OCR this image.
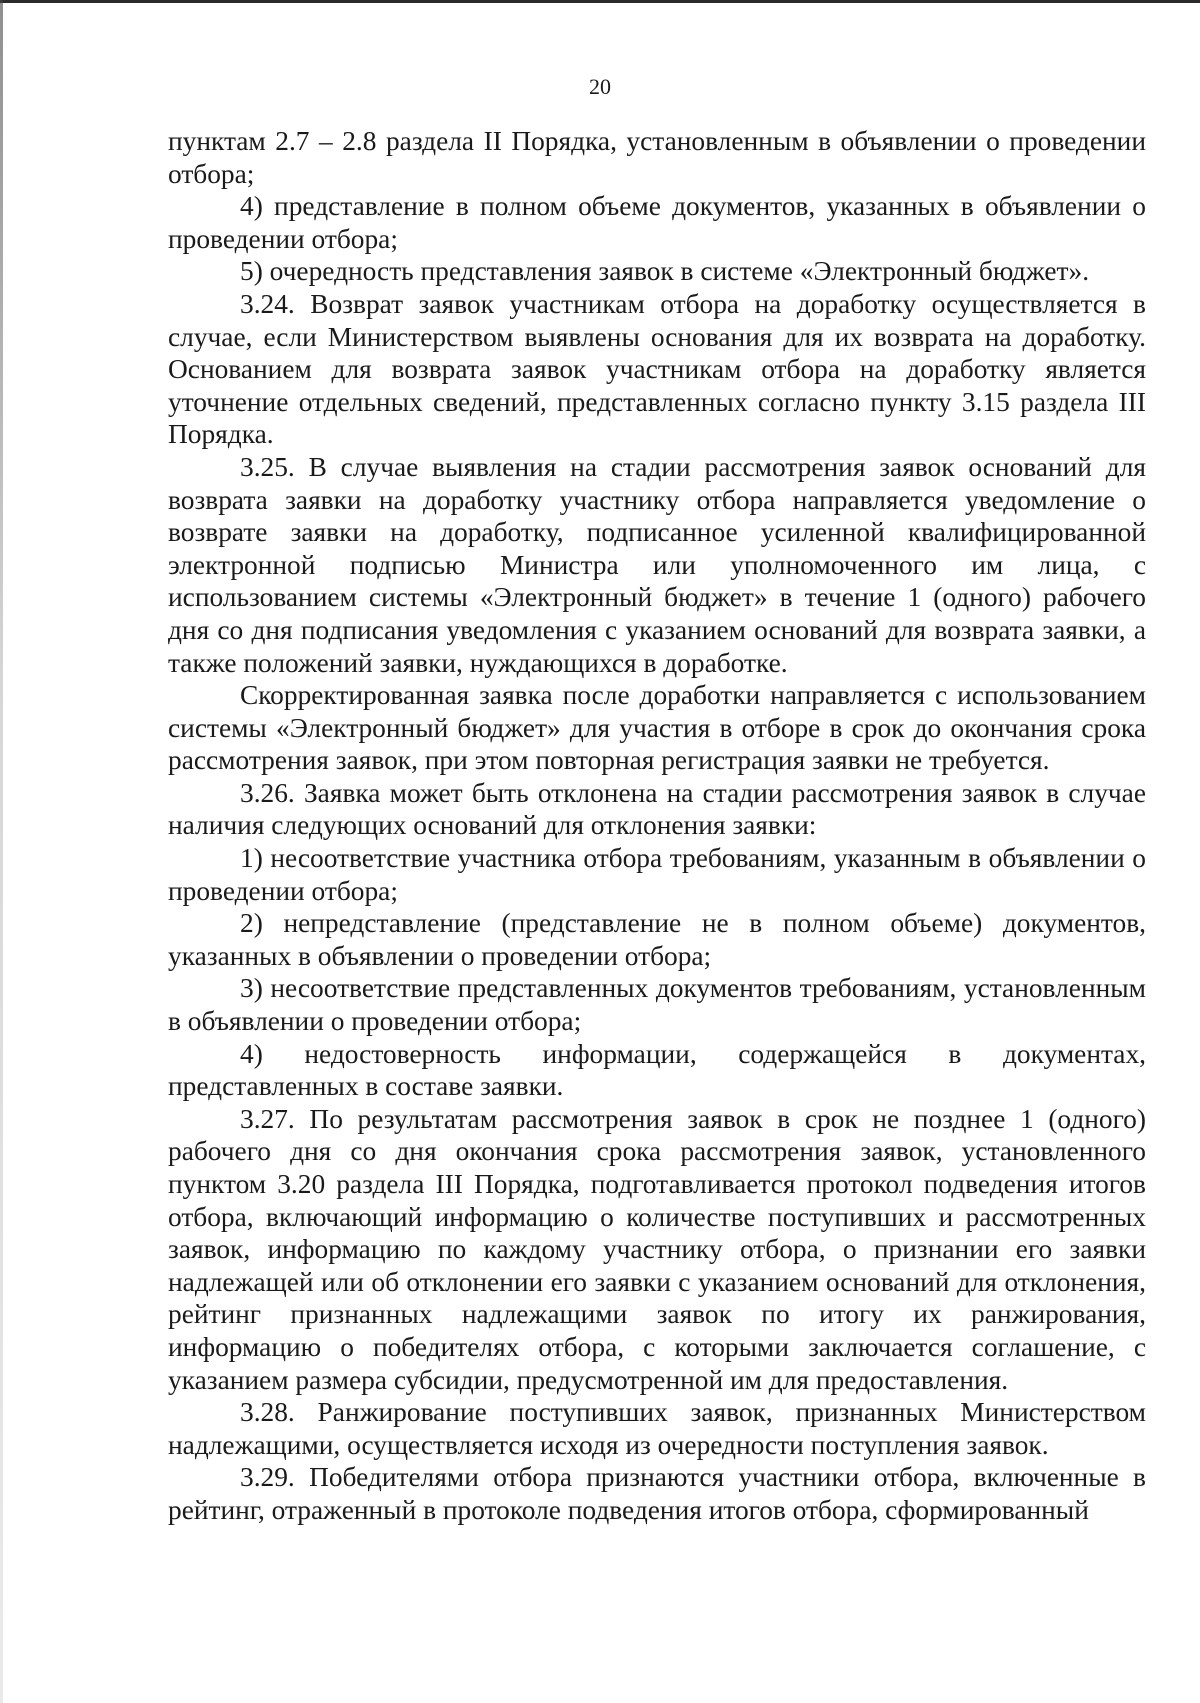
20

пунктам 2.7 – 2.8 раздела II Порядка, установленным в объявлении о проведении отбора;

4) представление в полном объеме документов, указанных в объявлении о проведении отбора;

5) очередность представления заявок в системе «Электронный бюджет».

3.24. Возврат заявок участникам отбора на доработку осуществляется в случае, если Министерством выявлены основания для их возврата на доработку. Основанием для возврата заявок участникам отбора на доработку является уточнение отдельных сведений, представленных согласно пункту 3.15 раздела III Порядка.

3.25. В случае выявления на стадии рассмотрения заявок оснований для возврата заявки на доработку участнику отбора направляется уведомление о возврате заявки на доработку, подписанное усиленной квалифицированной электронной подписью Министра или уполномоченного им лица, с использованием системы «Электронный бюджет» в течение 1 (одного) рабочего дня со дня подписания уведомления с указанием оснований для возврата заявки, а также положений заявки, нуждающихся в доработке.

Скорректированная заявка после доработки направляется с использованием системы «Электронный бюджет» для участия в отборе в срок до окончания срока рассмотрения заявок, при этом повторная регистрация заявки не требуется.

3.26. Заявка может быть отклонена на стадии рассмотрения заявок в случае наличия следующих оснований для отклонения заявки:

1) несоответствие участника отбора требованиям, указанным в объявлении о проведении отбора;

2) непредставление (представление не в полном объеме) документов, указанных в объявлении о проведении отбора;

3) несоответствие представленных документов требованиям, установленным в объявлении о проведении отбора;

4) недостоверность информации, содержащейся в документах, представленных в составе заявки.

3.27. По результатам рассмотрения заявок в срок не позднее 1 (одного) рабочего дня со дня окончания срока рассмотрения заявок, установленного пунктом 3.20 раздела III Порядка, подготавливается протокол подведения итогов отбора, включающий информацию о количестве поступивших и рассмотренных заявок, информацию по каждому участнику отбора, о признании его заявки надлежащей или об отклонении его заявки с указанием оснований для отклонения, рейтинг признанных надлежащими заявок по итогу их ранжирования, информацию о победителях отбора, с которыми заключается соглашение, с указанием размера субсидии, предусмотренной им для предоставления.

3.28. Ранжирование поступивших заявок, признанных Министерством надлежащими, осуществляется исходя из очередности поступления заявок.

3.29. Победителями отбора признаются участники отбора, включенные в рейтинг, отраженный в протоколе подведения итогов отбора, сформированный
